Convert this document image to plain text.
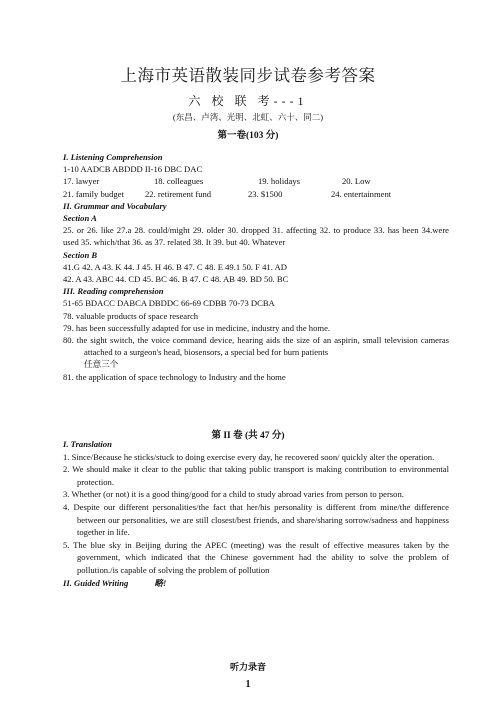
上海市英语散装同步试卷参考答案
六 校 联 考---1
(东昌、卢湾、光明、北虹、六十、同二)
第一卷(103 分)
I. Listening Comprehension
1-10 AADCB ABDDD II-16 DBC DAC
17. lawyer	18. colleagues	19. holidays	20. Low
21. family budget 22. retirement fund	23. $1500	24. entertainment
II. Grammar and Vocabulary
Section A
25. or 26. like 27.a 28. could/might 29. older 30. dropped 31. affecting 32. to produce 33. has been 34.were used 35. which/that 36. as 37. related 38. It 39. but 40. Whatever
Section B
41.G 42. A 43. K 44. J 45. H 46. B 47. C 48. E 49.1 50. F 41. AD
42. A 43. ABC 44. CD 45. BC 46. B 47. C 48. AB 49. BD 50. BC
III. Reading comprehension
51-65 BDACC DABCA DBDDC 66-69 CDBB 70-73 DCBA
78. valuable products of space research
79. has been successfully adapted for use in medicine, industry and the home.
80. the sight switch, the voice command device, hearing aids the size of an aspirin, small television cameras attached to a surgeon's head, biosensors, a special bed for burn patients
任意三个
81. the application of space technology to Industry and the home
第 II 卷 (共 47 分)
I. Translation
1. Since/Because he sticks/stuck to doing exercise every day, he recovered soon/ quickly alter the operation.
2. We should make it clear to the public that taking public transport is making contribution to environmental protection.
3. Whether (or not) it is a good thing/good for a child to study abroad varies from person to person.
4. Despite our different personalities/the fact that her/his personality is different from mine/the difference between our personalities, we are still closest/best friends, and share/sharing sorrow/sadness and happiness together in life.
5. The blue sky in Beijing during the APEC (meeting) was the result of effective measures taken by the government, which indicated that the Chinese government had the ability to solve the problem of pollution./is capable of solving the problem of pollution
II. Guided Writing	略!
听力录音
1
